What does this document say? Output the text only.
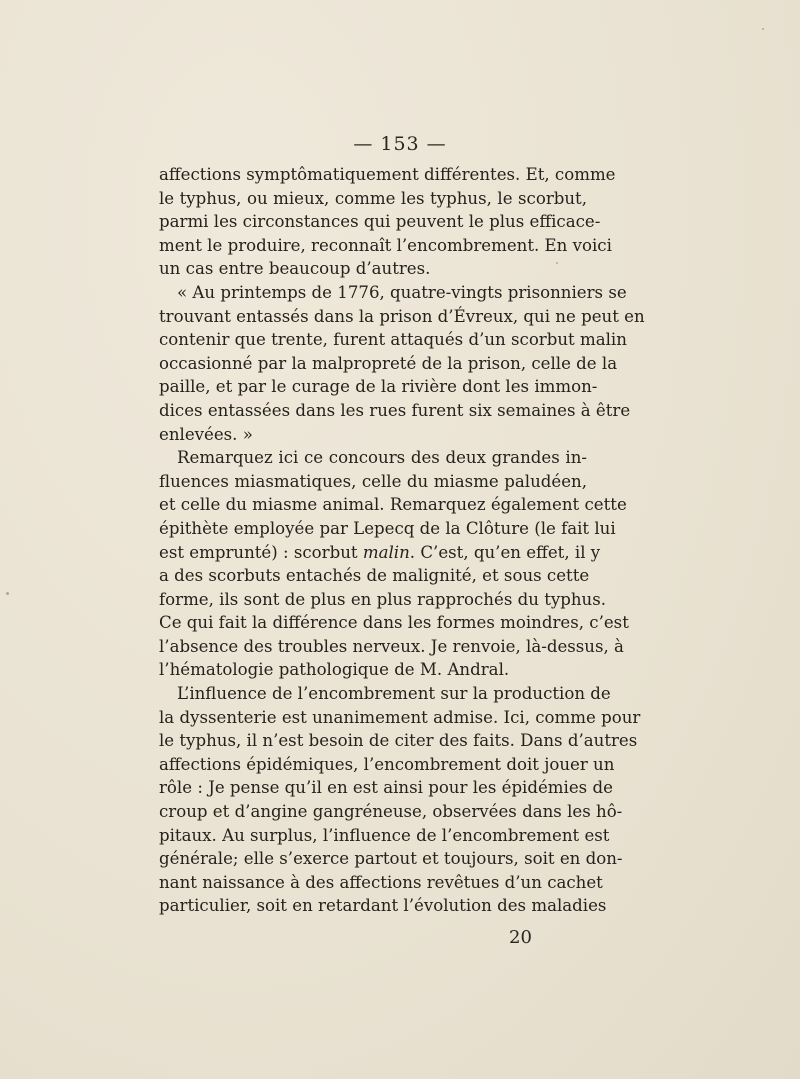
— 153 —
affections symptômatiquement différentes. Et, comme
le typhus, ou mieux, comme les typhus, le scorbut,
parmi les circonstances qui peuvent le plus efficace-
ment le produire, reconnaît l’encombrement. En voici
un cas entre beaucoup d’autres.
« Au printemps de 1776, quatre-vingts prisonniers se
trouvant entassés dans la prison d’Évreux, qui ne peut en
contenir que trente, furent attaqués d’un scorbut malin
occasionné par la malpropreté de la prison, celle de la
paille, et par le curage de la rivière dont les immon-
dices entassées dans les rues furent six semaines à être
enlevées. »
Remarquez ici ce concours des deux grandes in-
fluences miasmatiques, celle du miasme paludéen,
et celle du miasme animal. Remarquez également cette
épithète employée par Lepecq de la Clôture (le fait lui
est emprunté) : scorbut malin. C’est, qu’en effet, il y
a des scorbuts entachés de malignité, et sous cette
forme, ils sont de plus en plus rapprochés du typhus.
Ce qui fait la différence dans les formes moindres, c’est
l’absence des troubles nerveux. Je renvoie, là-dessus, à
l’hématologie pathologique de M. Andral.
L’influence de l’encombrement sur la production de
la dyssenterie est unanimement admise. Ici, comme pour
le typhus, il n’est besoin de citer des faits. Dans d’autres
affections épidémiques, l’encombrement doit jouer un
rôle : Je pense qu’il en est ainsi pour les épidémies de
croup et d’angine gangréneuse, observées dans les hô-
pitaux. Au surplus, l’influence de l’encombrement est
générale; elle s’exerce partout et toujours, soit en don-
nant naissance à des affections revêtues d’un cachet
particulier, soit en retardant l’évolution des maladies
20
